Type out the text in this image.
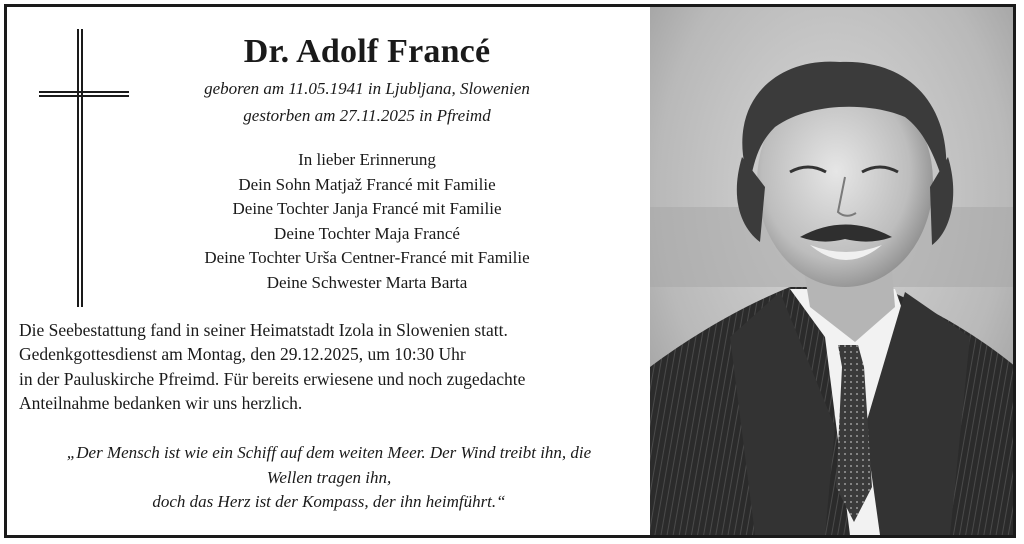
Dr. Adolf Francé
geboren am 11.05.1941 in Ljubljana, Slowenien
gestorben am 27.11.2025 in Pfreimd
In lieber Erinnerung
Dein Sohn Matjaž Francé mit Familie
Deine Tochter Janja Francé mit Familie
Deine Tochter Maja Francé
Deine Tochter Urša Centner-Francé mit Familie
Deine Schwester Marta Barta
Die Seebestattung fand in seiner Heimatstadt Izola in Slowenien statt.
Gedenkgottesdienst am Montag, den 29.12.2025, um 10:30 Uhr
in der Pauluskirche Pfreimd. Für bereits erwiesene und noch zugedachte
Anteilnahme bedanken wir uns herzlich.
„Der Mensch ist wie ein Schiff auf dem weiten Meer. Der Wind treibt ihn, die
Wellen tragen ihn,
doch das Herz ist der Kompass, der ihn heimführt.“
